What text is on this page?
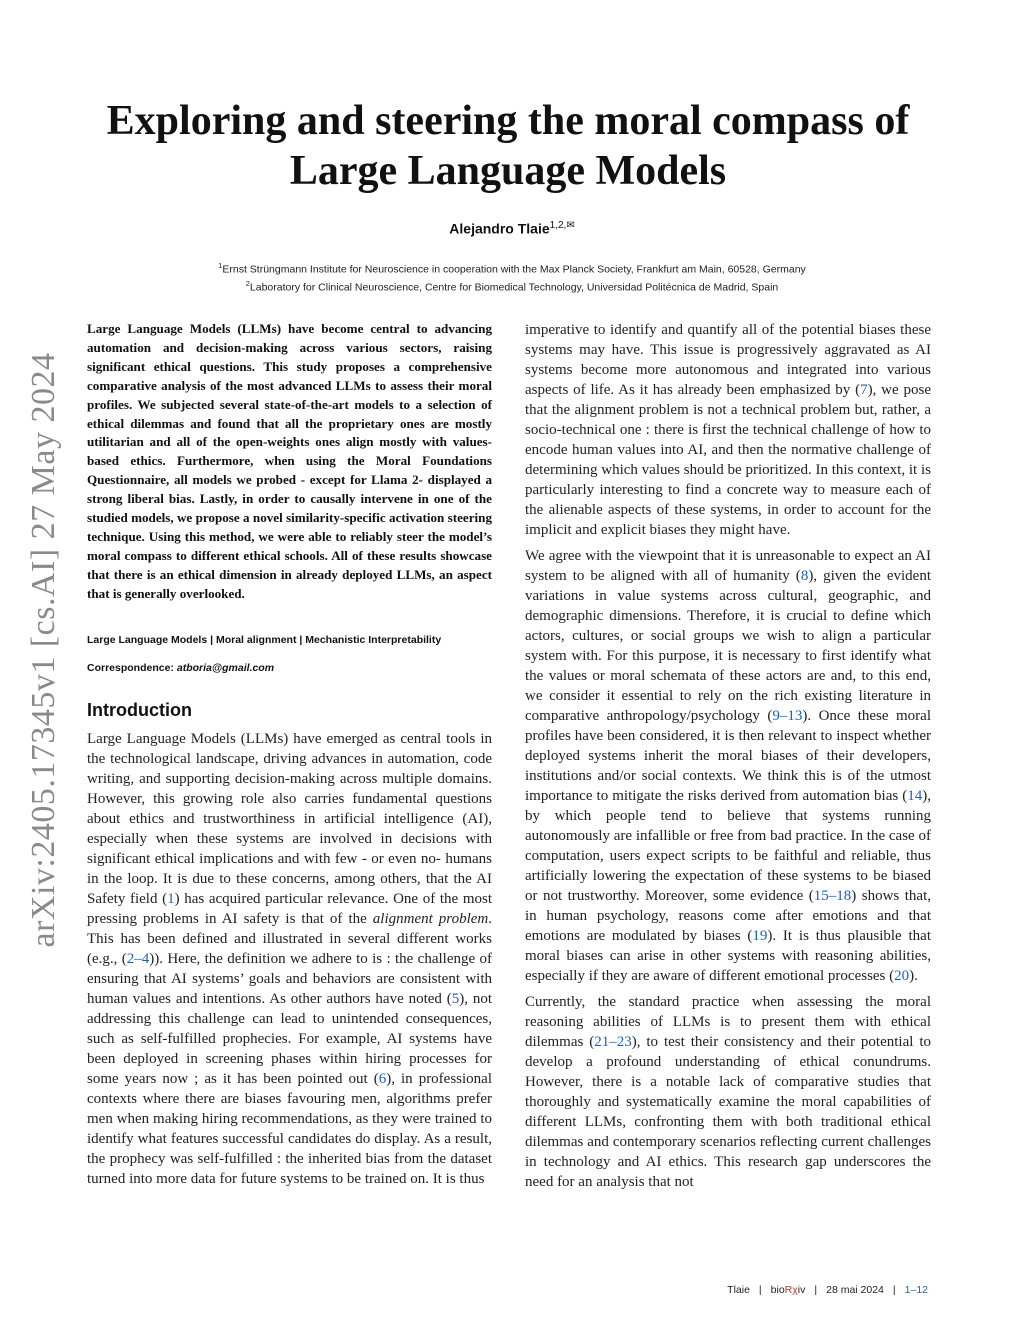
arXiv:2405.17345v1 [cs.AI] 27 May 2024
Exploring and steering the moral compass of
Large Language Models
Alejandro Tlaie$^{1,2,✉}$
$^1$Ernst Strüngmann Institute for Neuroscience in cooperation with the Max Planck Society, Frankfurt am Main, 60528, Germany
$^2$Laboratory for Clinical Neuroscience, Centre for Biomedical Technology, Universidad Politécnica de Madrid, Spain

Large Language Models (LLMs) have become central to advancing automation and decision-making across various sectors, raising significant ethical questions. This study proposes a comprehensive comparative analysis of the most advanced LLMs to assess their moral profiles. We subjected several state-of-the-art models to a selection of ethical dilemmas and found that all the proprietary ones are mostly utilitarian and all of the open-weights ones align mostly with values-based ethics. Furthermore, when using the Moral Foundations Questionnaire, all models we probed - except for Llama 2- displayed a strong liberal bias. Lastly, in order to causally intervene in one of the studied models, we propose a novel similarity-specific activation steering technique. Using this method, we were able to reliably steer the model’s moral compass to different ethical schools. All of these results showcase that there is an ethical dimension in already deployed LLMs, an aspect that is generally overlooked.

Large Language Models | Moral alignment | Mechanistic Interpretability
Correspondence: atboria@gmail.com
Introduction

Large Language Models (LLMs) have emerged as central tools in the technological landscape, driving advances in automation, code writing, and supporting decision-making across multiple domains. However, this growing role also carries fundamental questions about ethics and trustworthiness in artificial intelligence (AI), especially when these systems are involved in decisions with significant ethical implications and with few - or even no- humans in the loop. It is due to these concerns, among others, that the AI Safety field (1) has acquired particular relevance. One of the most pressing problems in AI safety is that of the alignment problem. This has been defined and illustrated in several different works (e.g., (2–4)). Here, the definition we adhere to is : the challenge of ensuring that AI systems’ goals and behaviors are consistent with human values and intentions. As other authors have noted (5), not addressing this challenge can lead to unintended consequences, such as self-fulfilled prophecies. For example, AI systems have been deployed in screening phases within hiring processes for some years now ; as it has been pointed out (6), in professional contexts where there are biases favouring men, algorithms prefer men when making hiring recommendations, as they were trained to identify what features successful candidates do display. As a result, the prophecy was self-fulfilled : the inherited bias from the dataset turned into more data for future systems to be trained on. It is thus

imperative to identify and quantify all of the potential biases these systems may have. This issue is progressively aggravated as AI systems become more autonomous and integrated into various aspects of life. As it has already been emphasized by (7), we pose that the alignment problem is not a technical problem but, rather, a socio-technical one : there is first the technical challenge of how to encode human values into AI, and then the normative challenge of determining which values should be prioritized. In this context, it is particularly interesting to find a concrete way to measure each of the alienable aspects of these systems, in order to account for the implicit and explicit biases they might have.

We agree with the viewpoint that it is unreasonable to expect an AI system to be aligned with all of humanity (8), given the evident variations in value systems across cultural, geographic, and demographic dimensions. Therefore, it is crucial to define which actors, cultures, or social groups we wish to align a particular system with. For this purpose, it is necessary to first identify what the values or moral schemata of these actors are and, to this end, we consider it essential to rely on the rich existing literature in comparative anthropology/psychology (9–13). Once these moral profiles have been considered, it is then relevant to inspect whether deployed systems inherit the moral biases of their developers, institutions and/or social contexts. We think this is of the utmost importance to mitigate the risks derived from automation bias (14), by which people tend to believe that systems running autonomously are infallible or free from bad practice. In the case of computation, users expect scripts to be faithful and reliable, thus artificially lowering the expectation of these systems to be biased or not trustworthy. Moreover, some evidence (15–18) shows that, in human psychology, reasons come after emotions and that emotions are modulated by biases (19). It is thus plausible that moral biases can arise in other systems with reasoning abilities, especially if they are aware of different emotional processes (20).

Currently, the standard practice when assessing the moral reasoning abilities of LLMs is to present them with ethical dilemmas (21–23), to test their consistency and their potential to develop a profound understanding of ethical conundrums. However, there is a notable lack of comparative studies that thoroughly and systematically examine the moral capabilities of different LLMs, confronting them with both traditional ethical dilemmas and contemporary scenarios reflecting current challenges in technology and AI ethics. This research gap underscores the need for an analysis that not

Tlaie | bioRχiv | 28 mai 2024 | 1–12
